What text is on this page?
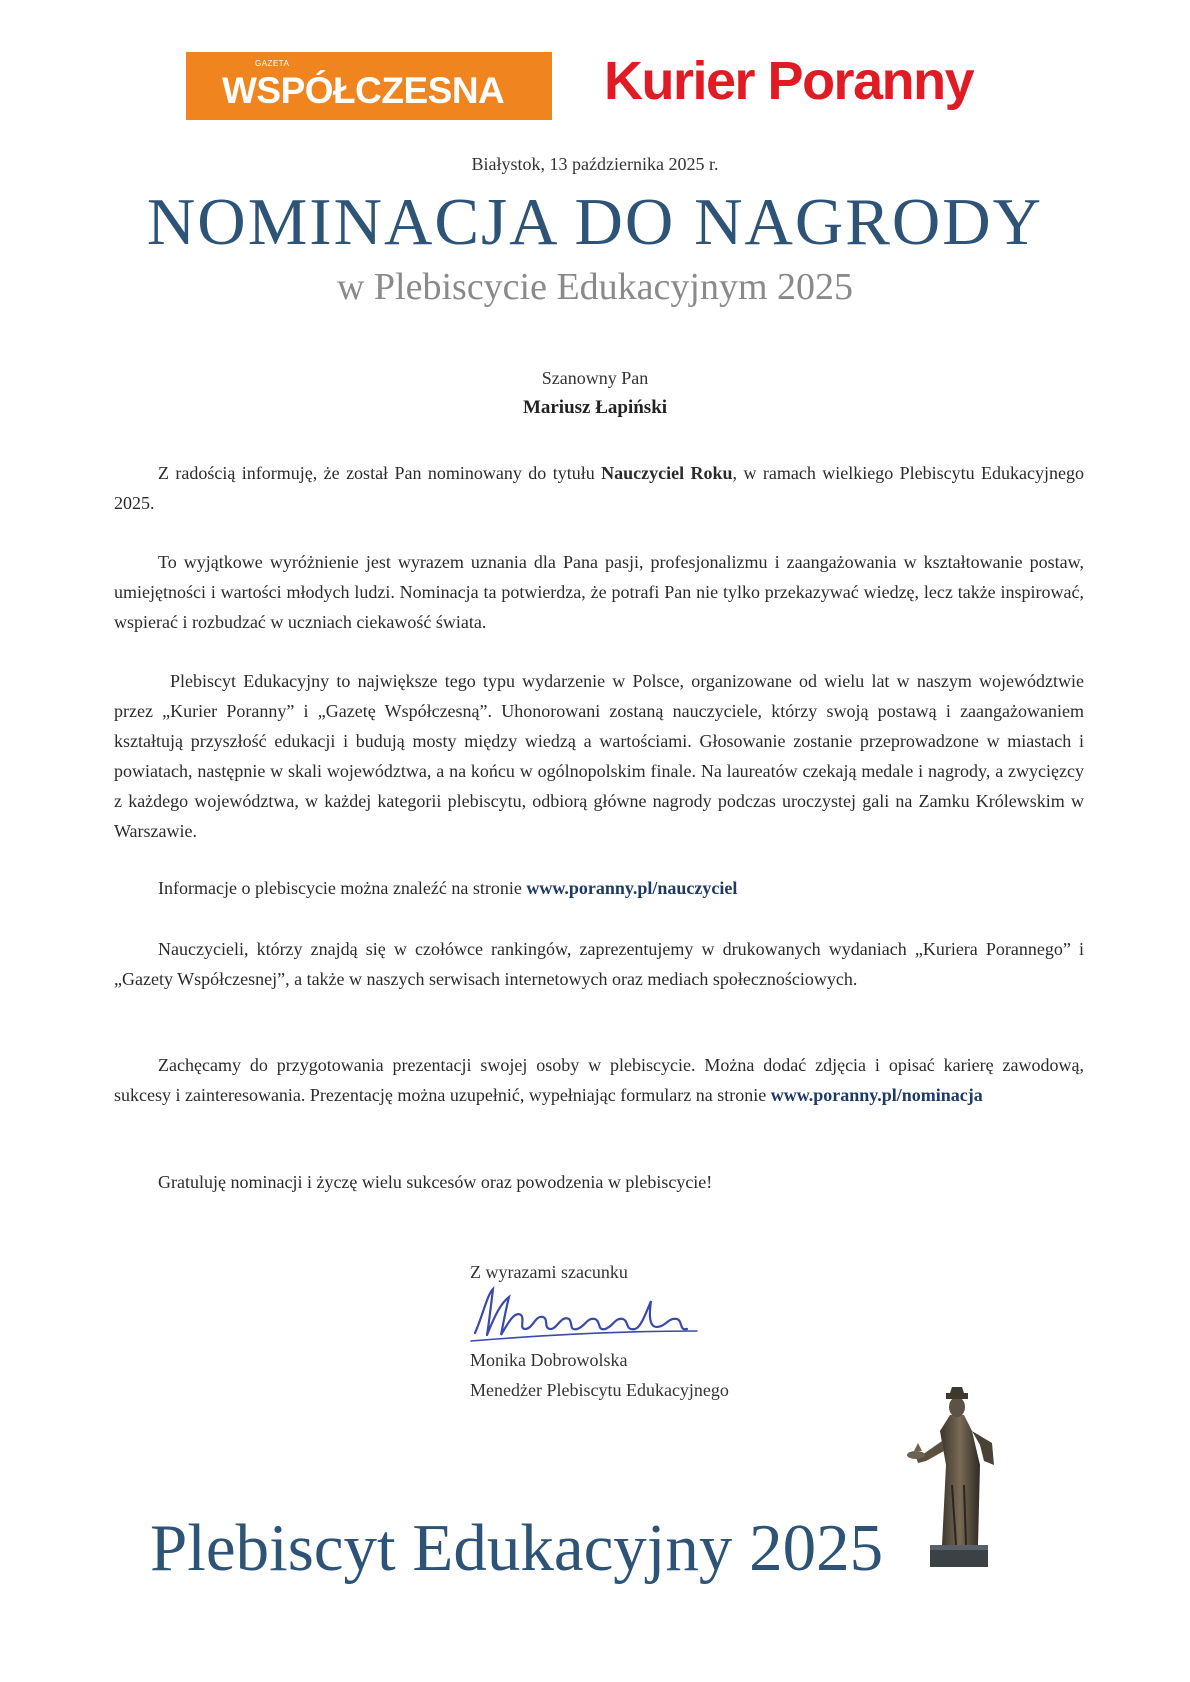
GAZETA
WSPÓŁCZESNA Kurier Poranny
Białystok, 13 października 2025 r.
NOMINACJA DO NAGRODY
w Plebiscycie Edukacyjnym 2025
Szanowny Pan
Mariusz Łapiński
Z radością informuję, że został Pan nominowany do tytułu Nauczyciel Roku, w ramach wielkiego Plebiscytu Edukacyjnego 2025.
To wyjątkowe wyróżnienie jest wyrazem uznania dla Pana pasji, profesjonalizmu i zaangażowania w kształtowanie postaw, umiejętności i wartości młodych ludzi. Nominacja ta potwierdza, że potrafi Pan nie tylko przekazywać wiedzę, lecz także inspirować, wspierać i rozbudzać w uczniach ciekawość świata.
Plebiscyt Edukacyjny to największe tego typu wydarzenie w Polsce, organizowane od wielu lat w naszym województwie przez „Kurier Poranny” i „Gazetę Współczesną”. Uhonorowani zostaną nauczyciele, którzy swoją postawą i zaangażowaniem kształtują przyszłość edukacji i budują mosty między wiedzą a wartościami. Głosowanie zostanie przeprowadzone w miastach i powiatach, następnie w skali województwa, a na końcu w ogólnopolskim finale. Na laureatów czekają medale i nagrody, a zwycięzcy z każdego województwa, w każdej kategorii plebiscytu, odbiorą główne nagrody podczas uroczystej gali na Zamku Królewskim w Warszawie.
Informacje o plebiscycie można znaleźć na stronie www.poranny.pl/nauczyciel
Nauczycieli, którzy znajdą się w czołówce rankingów, zaprezentujemy w drukowanych wydaniach „Kuriera Porannego” i „Gazety Współczesnej”, a także w naszych serwisach internetowych oraz mediach społecznościowych.
Zachęcamy do przygotowania prezentacji swojej osoby w plebiscycie. Można dodać zdjęcia i opisać karierę zawodową, sukcesy i zainteresowania. Prezentację można uzupełnić, wypełniając formularz na stronie www.poranny.pl/nominacja
Gratuluję nominacji i życzę wielu sukcesów oraz powodzenia w plebiscycie!
Z wyrazami szacunku
Monika Dobrowolska
Menedżer Plebiscytu Edukacyjnego
Plebiscyt Edukacyjny 2025
